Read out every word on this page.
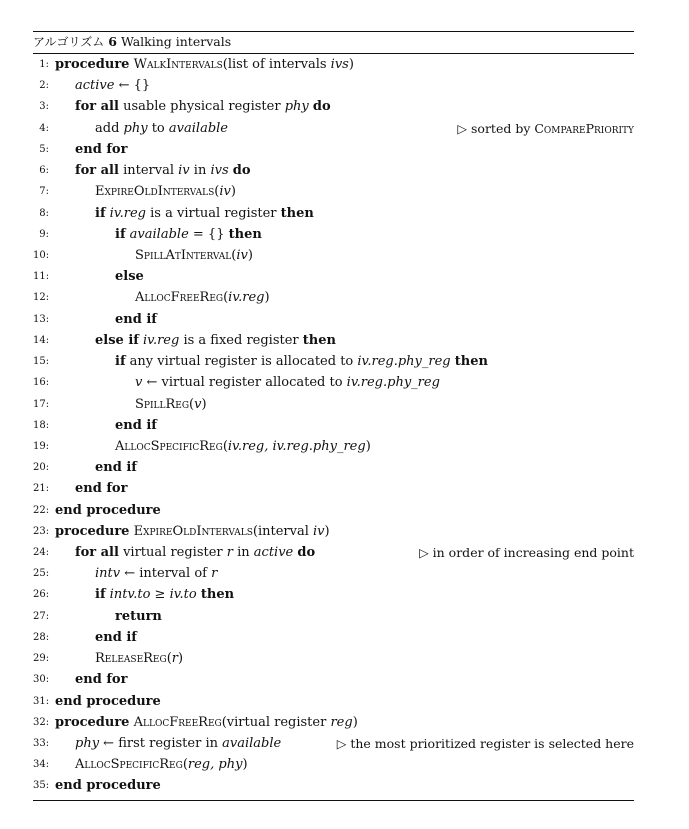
アルゴリズム 6 Walking intervals
1: procedure WalkIntervals(list of intervals ivs)
2: active ← {}
3: for all usable physical register phy do
4:	add phy to available	▷ sorted by ComparePriority
5: end for
6: for all interval iv in ivs do
7:	ExpireOldIntervals(iv)
8:	if iv.reg is a virtual register then
9:	if available = {} then
10:	SpillAtInterval(iv)
11:	else
12:	AllocFreeReg(iv.reg)
13:	end if
14:	else if iv.reg is a fixed register then
15:	if any virtual register is allocated to iv.reg.phy_reg then
16:	v ← virtual register allocated to iv.reg.phy_reg
17:	SpillReg(v)
18:	end if
19:	AllocSpecificReg(iv.reg, iv.reg.phy_reg)
20:	end if
21: end for
22: end procedure
23: procedure ExpireOldIntervals(interval iv)
24: for all virtual register r in active do	▷ in order of increasing end point
25:	intv ← interval of r
26:	if intv.to ≥ iv.to then
27:	return
28:	end if
29:	ReleaseReg(r)
30: end for
31: end procedure
32: procedure AllocFreeReg(virtual register reg)
33: phy ← first register in available	▷ the most prioritized register is selected here
34: AllocSpecificReg(reg, phy)
35: end procedure
